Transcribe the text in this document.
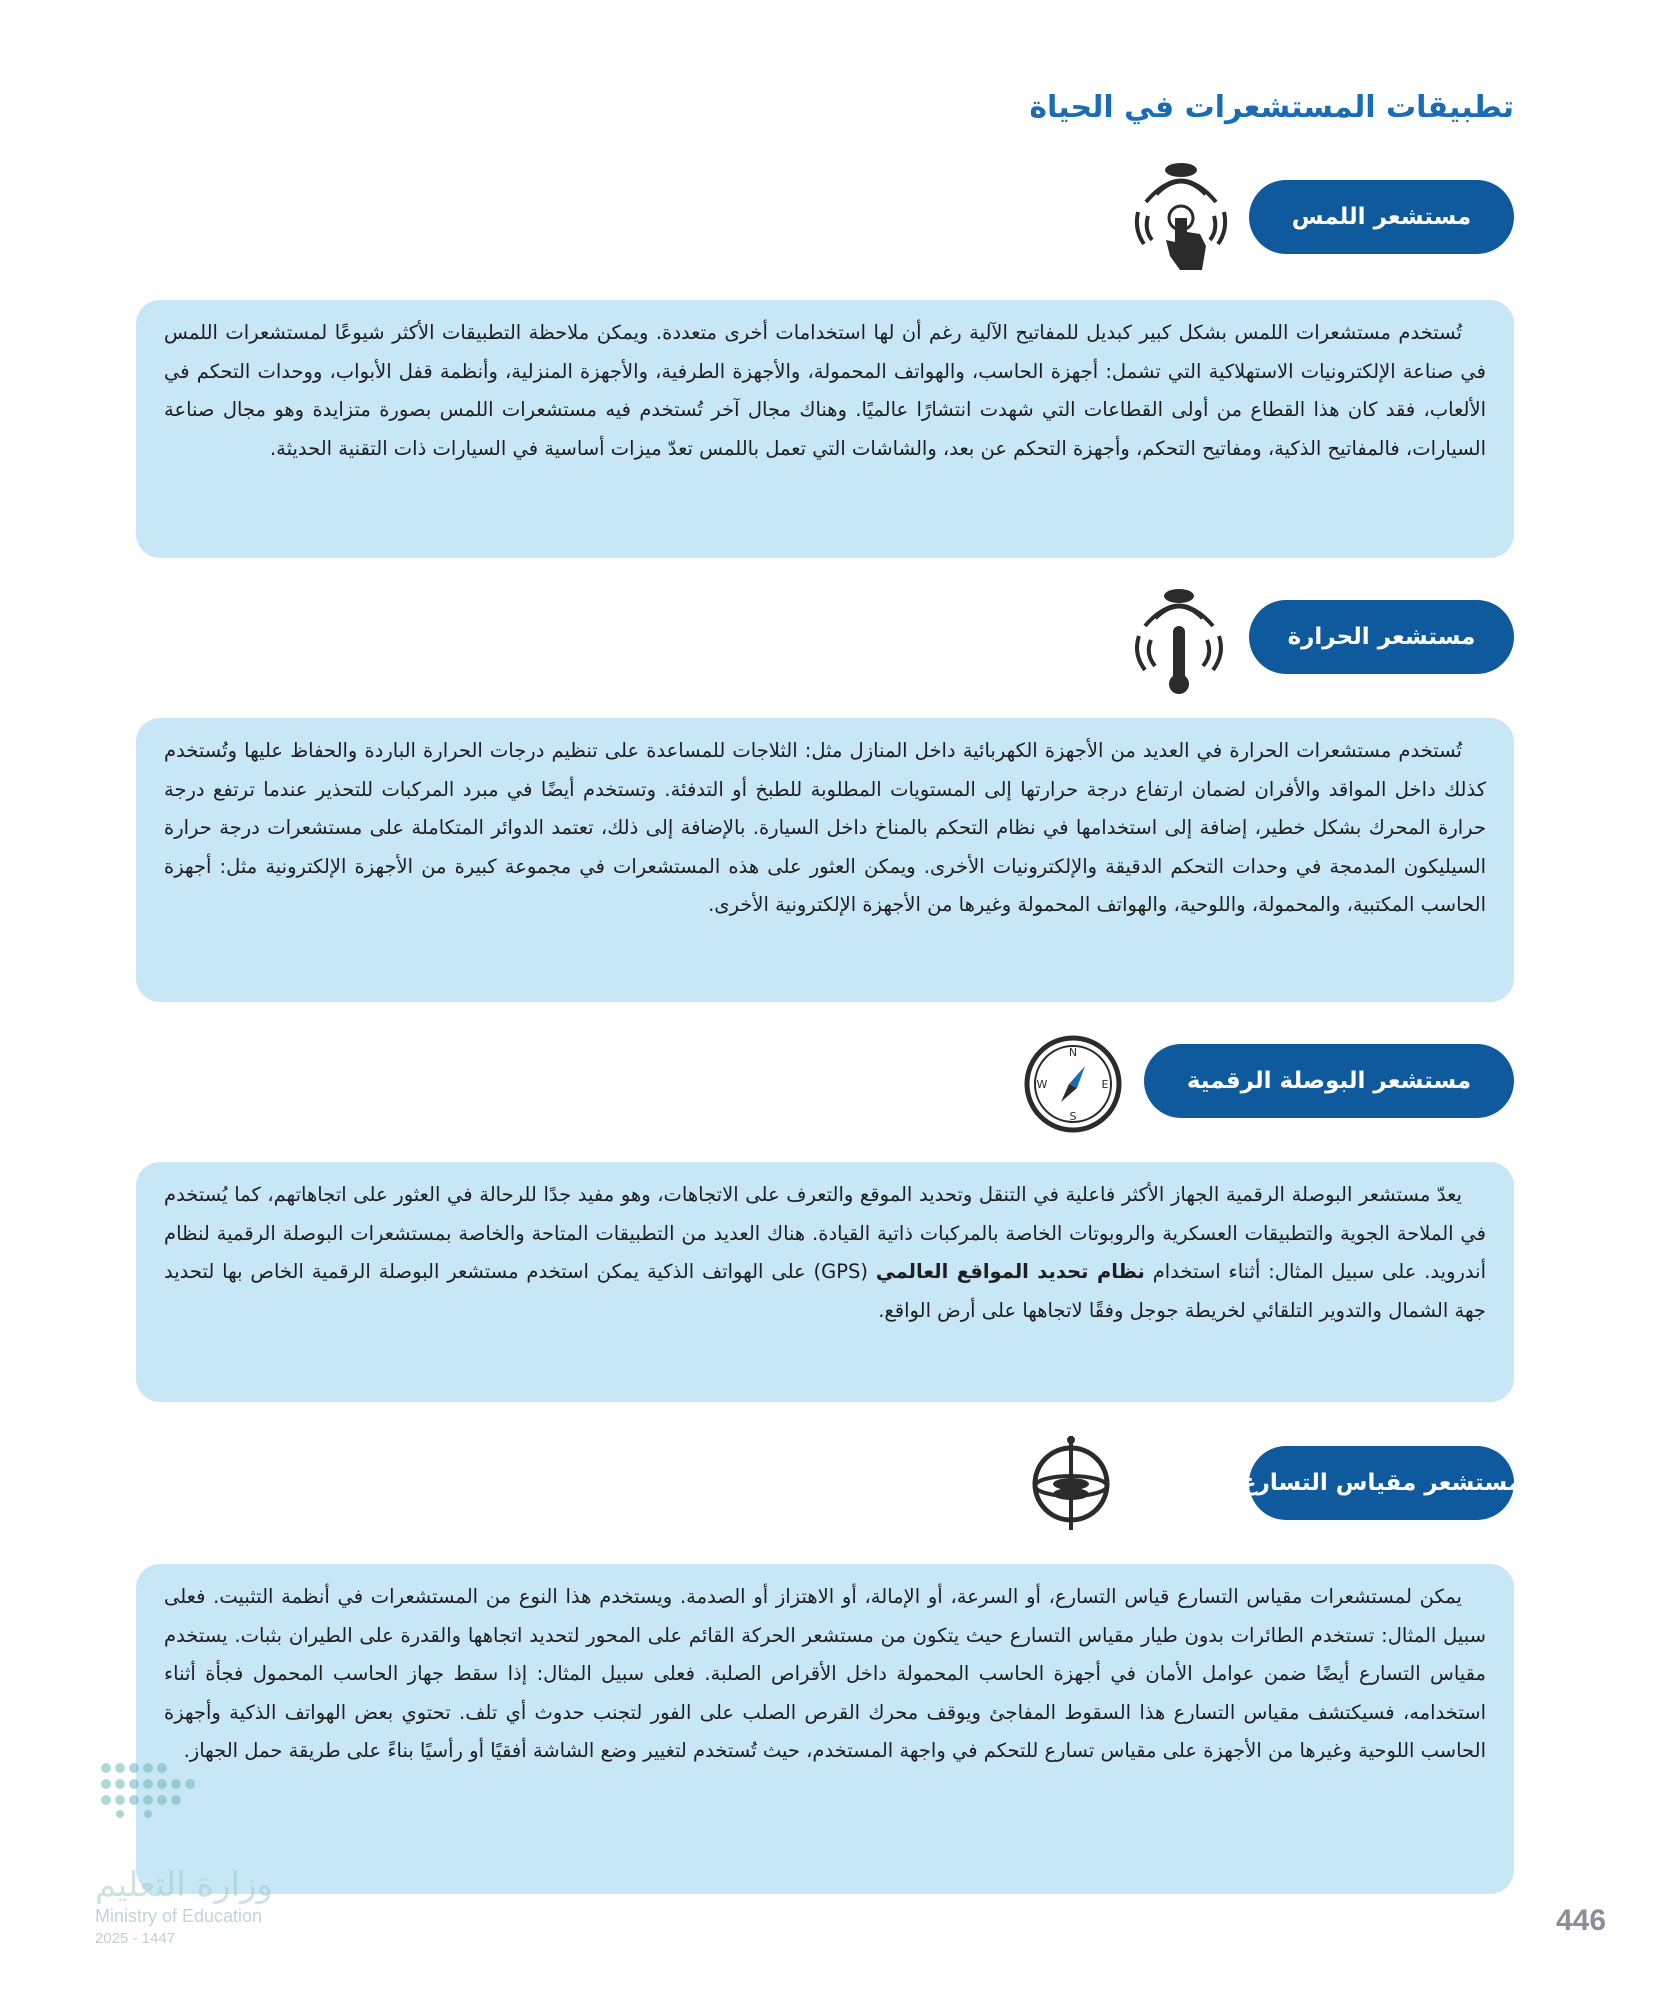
تطبيقات المستشعرات في الحياة
مستشعر اللمس

تُستخدم مستشعرات اللمس بشكل كبير كبديل للمفاتيح الآلية رغم أن لها استخدامات أخرى متعددة. ويمكن ملاحظة التطبيقات الأكثر شيوعًا لمستشعرات اللمس في صناعة الإلكترونيات الاستهلاكية التي تشمل: أجهزة الحاسب، والهواتف المحمولة، والأجهزة الطرفية، والأجهزة المنزلية، وأنظمة قفل الأبواب، ووحدات التحكم في الألعاب، فقد كان هذا القطاع من أولى القطاعات التي شهدت انتشارًا عالميًا. وهناك مجال آخر تُستخدم فيه مستشعرات اللمس بصورة متزايدة وهو مجال صناعة السيارات، فالمفاتيح الذكية، ومفاتيح التحكم، وأجهزة التحكم عن بعد، والشاشات التي تعمل باللمس تعدّ ميزات أساسية في السيارات ذات التقنية الحديثة.

مستشعر الحرارة

تُستخدم مستشعرات الحرارة في العديد من الأجهزة الكهربائية داخل المنازل مثل: الثلاجات للمساعدة على تنظيم درجات الحرارة الباردة والحفاظ عليها وتُستخدم كذلك داخل المواقد والأفران لضمان ارتفاع درجة حرارتها إلى المستويات المطلوبة للطبخ أو التدفئة. وتستخدم أيضًا في مبرد المركبات للتحذير عندما ترتفع درجة حرارة المحرك بشكل خطير، إضافة إلى استخدامها في نظام التحكم بالمناخ داخل السيارة. بالإضافة إلى ذلك، تعتمد الدوائر المتكاملة على مستشعرات درجة حرارة السيليكون المدمجة في وحدات التحكم الدقيقة والإلكترونيات الأخرى. ويمكن العثور على هذه المستشعرات في مجموعة كبيرة من الأجهزة الإلكترونية مثل: أجهزة الحاسب المكتبية، والمحمولة، واللوحية، والهواتف المحمولة وغيرها من الأجهزة الإلكترونية الأخرى.

مستشعر البوصلة الرقمية
N
E
S
W

يعدّ مستشعر البوصلة الرقمية الجهاز الأكثر فاعلية في التنقل وتحديد الموقع والتعرف على الاتجاهات، وهو مفيد جدًا للرحالة في العثور على اتجاهاتهم، كما يُستخدم في الملاحة الجوية والتطبيقات العسكرية والروبوتات الخاصة بالمركبات ذاتية القيادة. هناك العديد من التطبيقات المتاحة والخاصة بمستشعرات البوصلة الرقمية لنظام أندرويد. على سبيل المثال: أثناء استخدام نظام تحديد المواقع العالمي (GPS) على الهواتف الذكية يمكن استخدم مستشعر البوصلة الرقمية الخاص بها لتحديد جهة الشمال والتدوير التلقائي لخريطة جوجل وفقًا لاتجاهها على أرض الواقع.

مستشعر مقياس التسارع

يمكن لمستشعرات مقياس التسارع قياس التسارع، أو السرعة، أو الإمالة، أو الاهتزاز أو الصدمة. ويستخدم هذا النوع من المستشعرات في أنظمة التثبيت. فعلى سبيل المثال: تستخدم الطائرات بدون طيار مقياس التسارع حيث يتكون من مستشعر الحركة القائم على المحور لتحديد اتجاهها والقدرة على الطيران بثبات. يستخدم مقياس التسارع أيضًا ضمن عوامل الأمان في أجهزة الحاسب المحمولة داخل الأقراص الصلبة. فعلى سبيل المثال: إذا سقط جهاز الحاسب المحمول فجأة أثناء استخدامه، فسيكتشف مقياس التسارع هذا السقوط المفاجئ ويوقف محرك القرص الصلب على الفور لتجنب حدوث أي تلف. تحتوي بعض الهواتف الذكية وأجهزة الحاسب اللوحية وغيرها من الأجهزة على مقياس تسارع للتحكم في واجهة المستخدم، حيث تُستخدم لتغيير وضع الشاشة أفقيًا أو رأسيًا بناءً على طريقة حمل الجهاز.

وزارة التعليم
Ministry of Education
2025 - 1447
446
